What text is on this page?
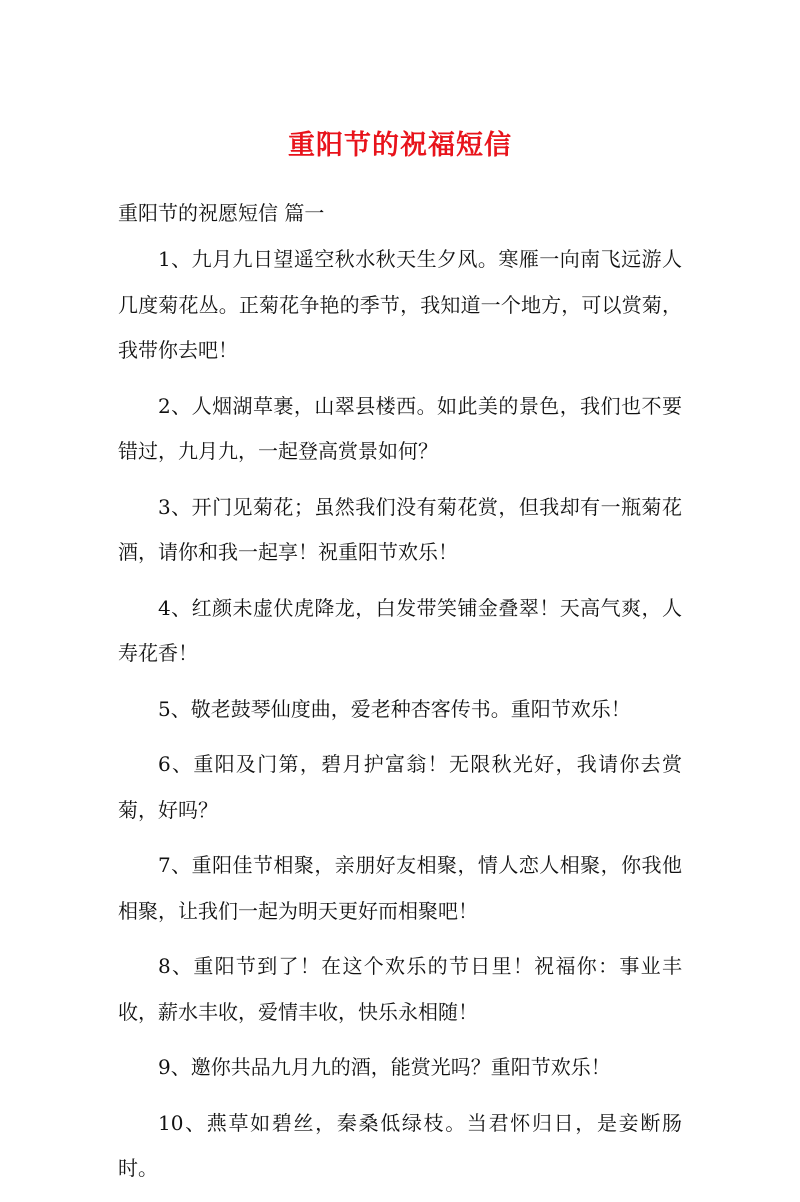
重阳节的祝福短信
重阳节的祝愿短信 篇一

1、九月九日望遥空秋水秋天生夕风。寒雁一向南飞远游人几度菊花丛。正菊花争艳的季节，我知道一个地方，可以赏菊，我带你去吧！

2、人烟湖草裹，山翠县楼西。如此美的景色，我们也不要错过，九月九，一起登高赏景如何？

3、开门见菊花；虽然我们没有菊花赏，但我却有一瓶菊花酒，请你和我一起享！祝重阳节欢乐！

4、红颜未虚伏虎降龙，白发带笑铺金叠翠！天高气爽，人寿花香！

5、敬老鼓琴仙度曲，爱老种杏客传书。重阳节欢乐！

6、重阳及门第，碧月护富翁！无限秋光好，我请你去赏菊，好吗？

7、重阳佳节相聚，亲朋好友相聚，情人恋人相聚，你我他相聚，让我们一起为明天更好而相聚吧！

8、重阳节到了！在这个欢乐的节日里！祝福你：事业丰收，薪水丰收，爱情丰收，快乐永相随！

9、邀你共品九月九的酒，能赏光吗？重阳节欢乐！

10、燕草如碧丝，秦桑低绿枝。当君怀归日，是妾断肠时。
